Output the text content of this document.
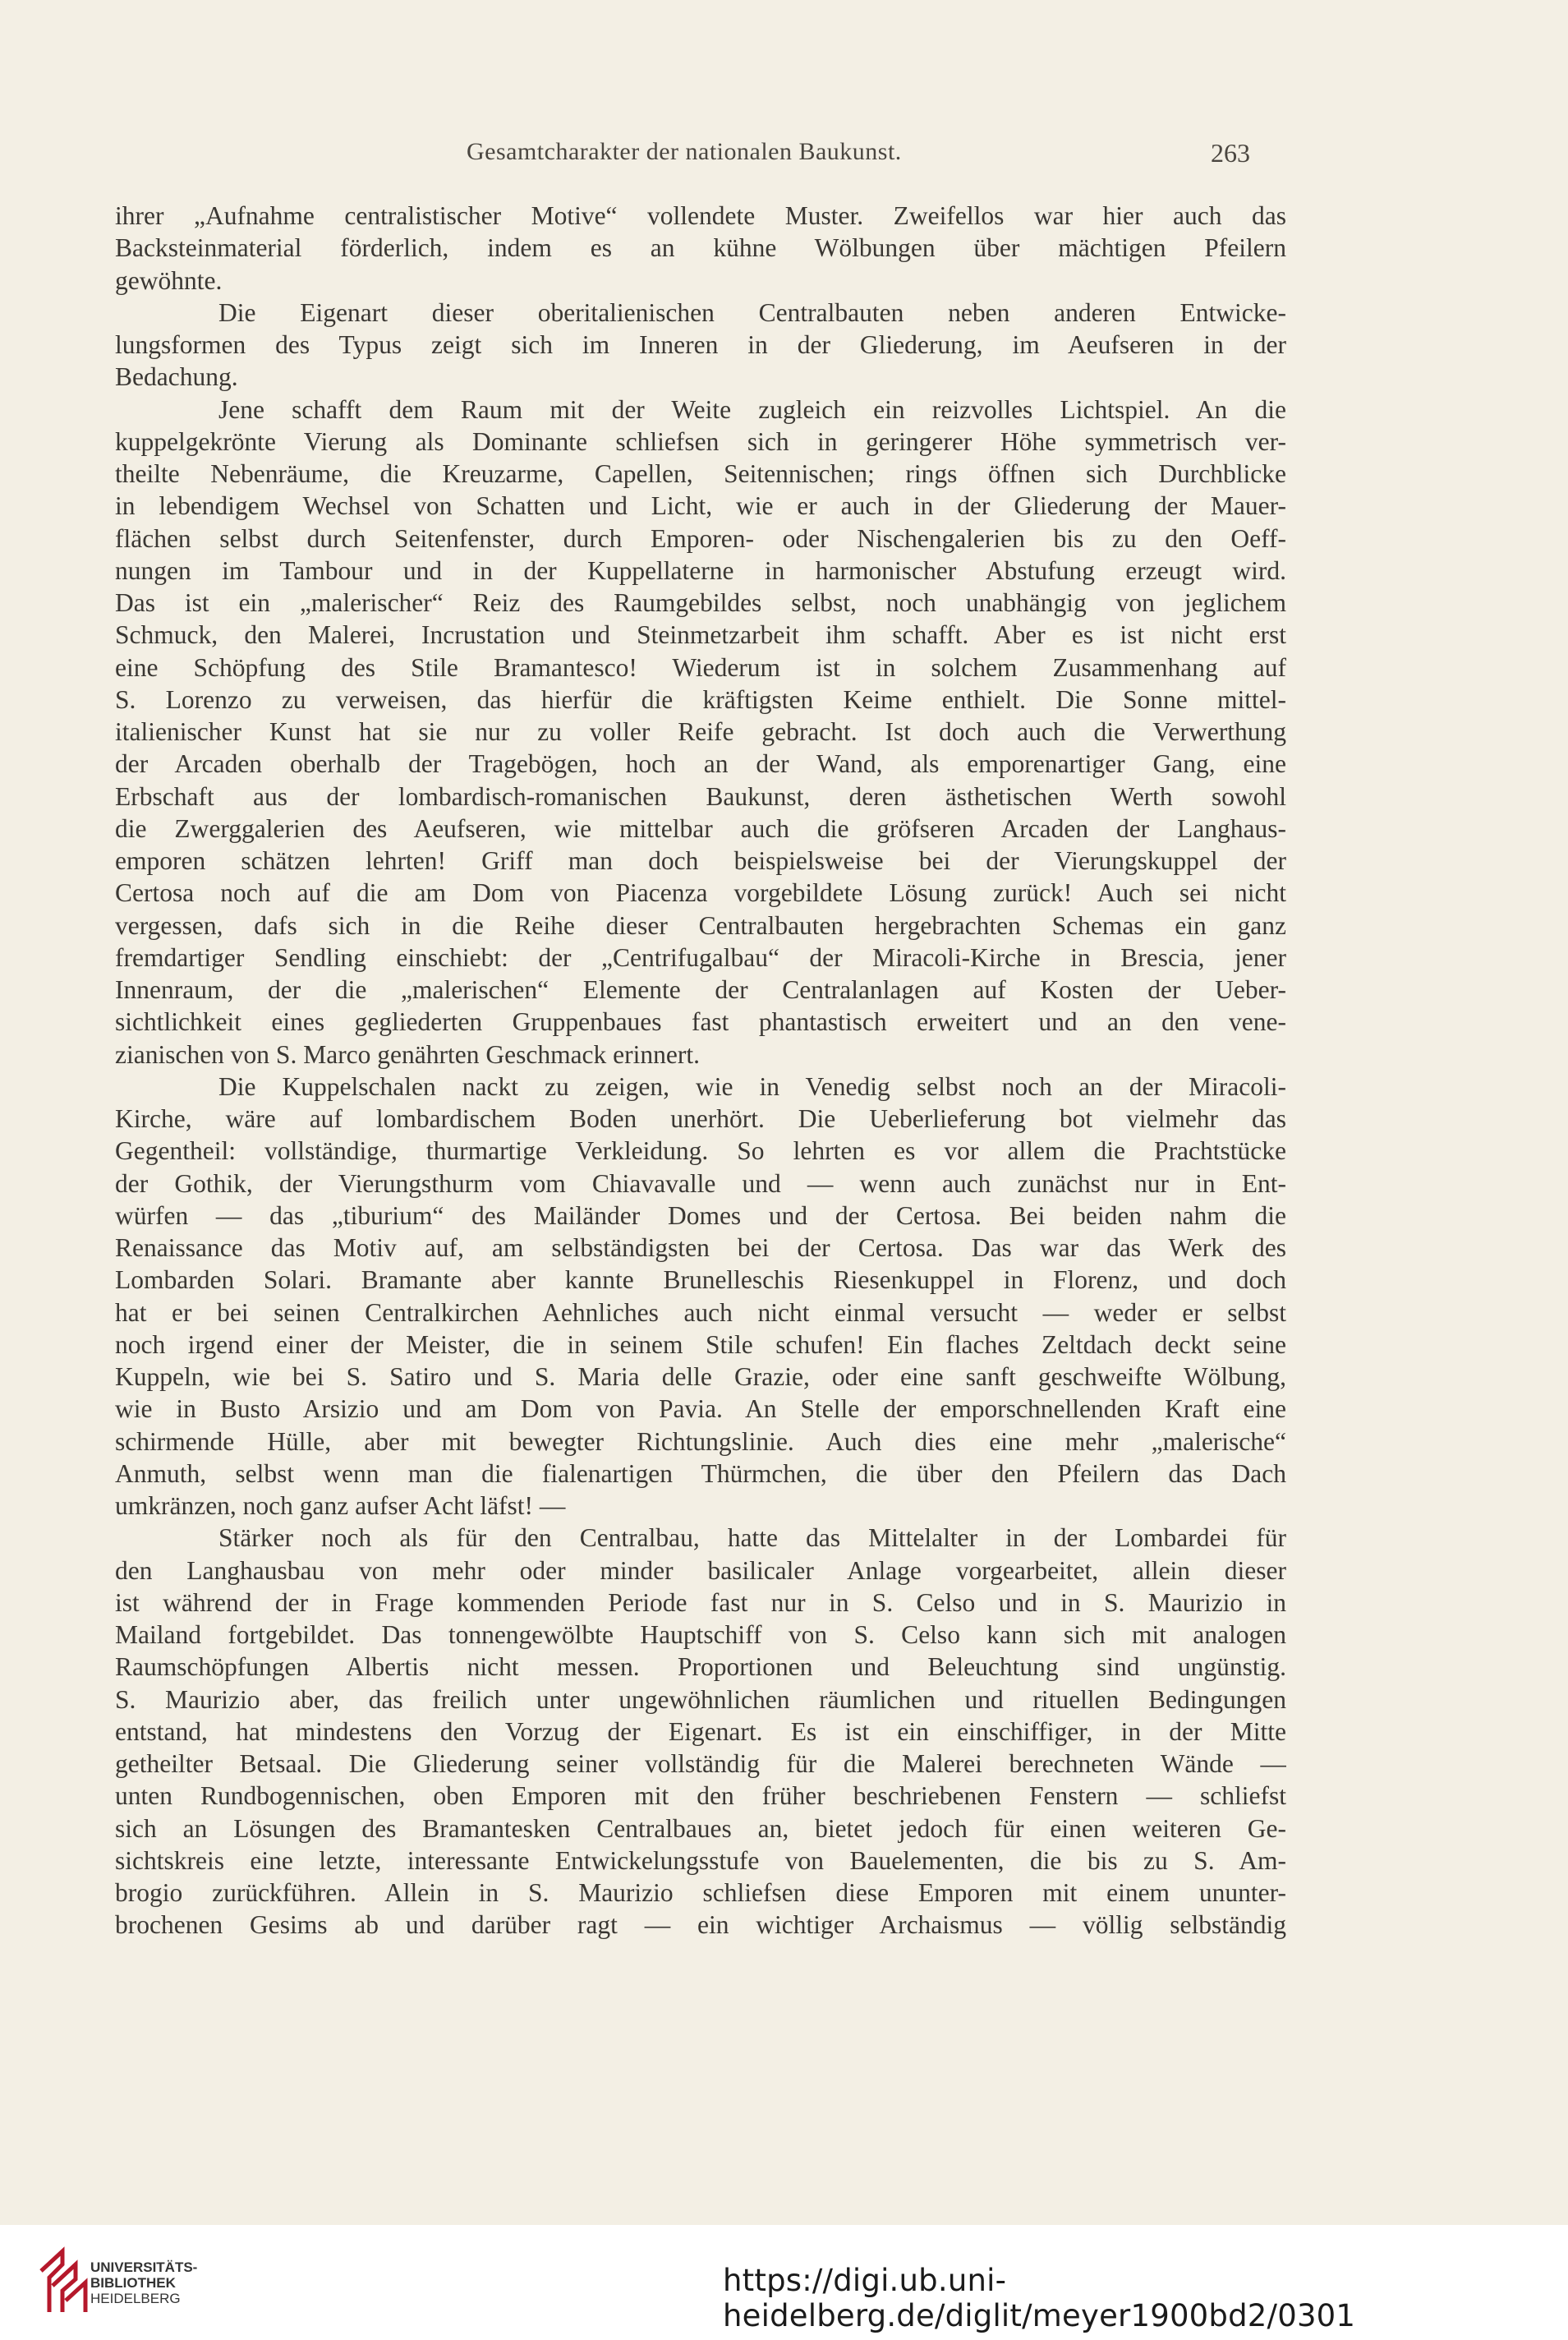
Gesamtcharakter der nationalen Baukunst.	263
ihrer „Aufnahme centralistischer Motive“ vollendete Muster. Zweifellos war hier auch das
Backsteinmaterial förderlich, indem es an kühne Wölbungen über mächtigen Pfeilern
gewöhnte.
Die Eigenart dieser oberitalienischen Centralbauten neben anderen Entwicke-
lungsformen des Typus zeigt sich im Inneren in der Gliederung, im Aeufseren in der
Bedachung.
Jene schafft dem Raum mit der Weite zugleich ein reizvolles Lichtspiel. An die
kuppelgekrönte Vierung als Dominante schliefsen sich in geringerer Höhe symmetrisch ver-
theilte Nebenräume, die Kreuzarme, Capellen, Seitennischen; rings öffnen sich Durchblicke
in lebendigem Wechsel von Schatten und Licht, wie er auch in der Gliederung der Mauer-
flächen selbst durch Seitenfenster, durch Emporen- oder Nischengalerien bis zu den Oeff-
nungen im Tambour und in der Kuppellaterne in harmonischer Abstufung erzeugt wird.
Das ist ein „malerischer“ Reiz des Raumgebildes selbst, noch unabhängig von jeglichem
Schmuck, den Malerei, Incrustation und Steinmetzarbeit ihm schafft. Aber es ist nicht erst
eine Schöpfung des Stile Bramantesco! Wiederum ist in solchem Zusammenhang auf
S. Lorenzo zu verweisen, das hierfür die kräftigsten Keime enthielt. Die Sonne mittel-
italienischer Kunst hat sie nur zu voller Reife gebracht. Ist doch auch die Verwerthung
der Arcaden oberhalb der Tragebögen, hoch an der Wand, als emporenartiger Gang, eine
Erbschaft aus der lombardisch-romanischen Baukunst, deren ästhetischen Werth sowohl
die Zwerggalerien des Aeufseren, wie mittelbar auch die gröfseren Arcaden der Langhaus-
emporen schätzen lehrten! Griff man doch beispielsweise bei der Vierungskuppel der
Certosa noch auf die am Dom von Piacenza vorgebildete Lösung zurück! Auch sei nicht
vergessen, dafs sich in die Reihe dieser Centralbauten hergebrachten Schemas ein ganz
fremdartiger Sendling einschiebt: der „Centrifugalbau“ der Miracoli-Kirche in Brescia, jener
Innenraum, der die „malerischen“ Elemente der Centralanlagen auf Kosten der Ueber-
sichtlichkeit eines gegliederten Gruppenbaues fast phantastisch erweitert und an den vene-
zianischen von S. Marco genährten Geschmack erinnert.
Die Kuppelschalen nackt zu zeigen, wie in Venedig selbst noch an der Miracoli-
Kirche, wäre auf lombardischem Boden unerhört. Die Ueberlieferung bot vielmehr das
Gegentheil: vollständige, thurmartige Verkleidung. So lehrten es vor allem die Prachtstücke
der Gothik, der Vierungsthurm vom Chiavavalle und — wenn auch zunächst nur in Ent-
würfen — das „tiburium“ des Mailänder Domes und der Certosa. Bei beiden nahm die
Renaissance das Motiv auf, am selbständigsten bei der Certosa. Das war das Werk des
Lombarden Solari. Bramante aber kannte Brunelleschis Riesenkuppel in Florenz, und doch
hat er bei seinen Centralkirchen Aehnliches auch nicht einmal versucht — weder er selbst
noch irgend einer der Meister, die in seinem Stile schufen! Ein flaches Zeltdach deckt seine
Kuppeln, wie bei S. Satiro und S. Maria delle Grazie, oder eine sanft geschweifte Wölbung,
wie in Busto Arsizio und am Dom von Pavia. An Stelle der emporschnellenden Kraft eine
schirmende Hülle, aber mit bewegter Richtungslinie. Auch dies eine mehr „malerische“
Anmuth, selbst wenn man die fialenartigen Thürmchen, die über den Pfeilern das Dach
umkränzen, noch ganz aufser Acht läfst! —
Stärker noch als für den Centralbau, hatte das Mittelalter in der Lombardei für
den Langhausbau von mehr oder minder basilicaler Anlage vorgearbeitet, allein dieser
ist während der in Frage kommenden Periode fast nur in S. Celso und in S. Maurizio in
Mailand fortgebildet. Das tonnengewölbte Hauptschiff von S. Celso kann sich mit analogen
Raumschöpfungen Albertis nicht messen. Proportionen und Beleuchtung sind ungünstig.
S. Maurizio aber, das freilich unter ungewöhnlichen räumlichen und rituellen Bedingungen
entstand, hat mindestens den Vorzug der Eigenart. Es ist ein einschiffiger, in der Mitte
getheilter Betsaal. Die Gliederung seiner vollständig für die Malerei berechneten Wände —
unten Rundbogennischen, oben Emporen mit den früher beschriebenen Fenstern — schliefst
sich an Lösungen des Bramantesken Centralbaues an, bietet jedoch für einen weiteren Ge-
sichtskreis eine letzte, interessante Entwickelungsstufe von Bauelementen, die bis zu S. Am-
brogio zurückführen. Allein in S. Maurizio schliefsen diese Emporen mit einem ununter-
brochenen Gesims ab und darüber ragt — ein wichtiger Archaismus — völlig selbständig
UNIVERSITÄTS-
BIBLIOTHEK
HEIDELBERG
https://digi.ub.uni-heidelberg.de/diglit/meyer1900bd2/0301
